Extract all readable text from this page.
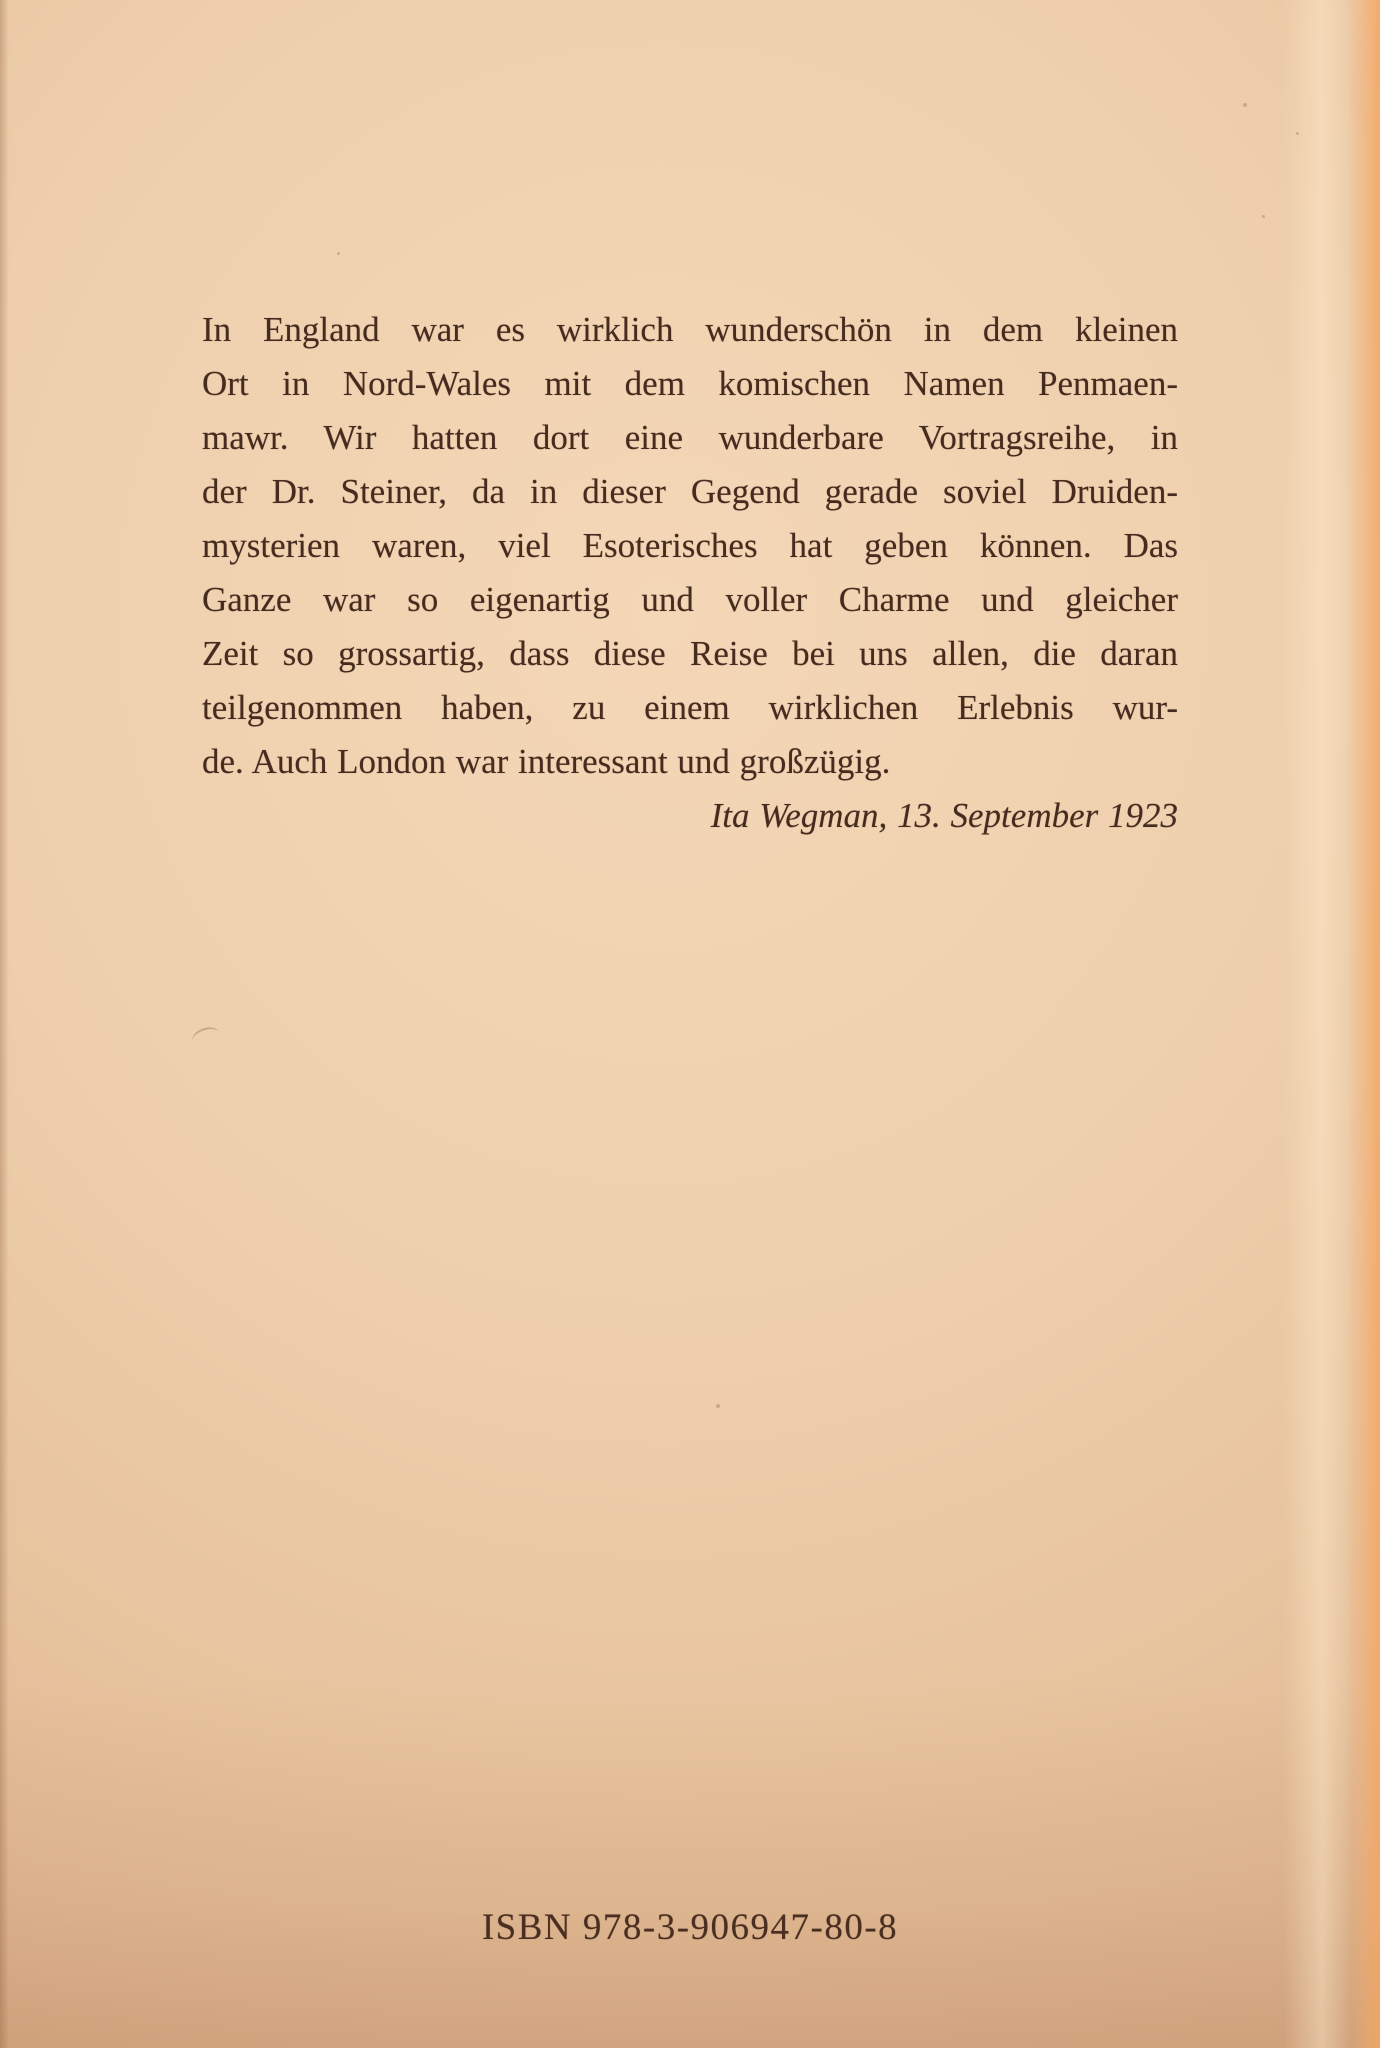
In England war es wirklich wunderschön in dem kleinen
Ort in Nord-Wales mit dem komischen Namen Penmaen-
mawr. Wir hatten dort eine wunderbare Vortragsreihe, in
der Dr. Steiner, da in dieser Gegend gerade soviel Druiden-
mysterien waren, viel Esoterisches hat geben können. Das
Ganze war so eigenartig und voller Charme und gleicher
Zeit so grossartig, dass diese Reise bei uns allen, die daran
teilgenommen haben, zu einem wirklichen Erlebnis wur-
de. Auch London war interessant und großzügig.
Ita Wegman, 13. September 1923
ISBN 978-3-906947-80-8
